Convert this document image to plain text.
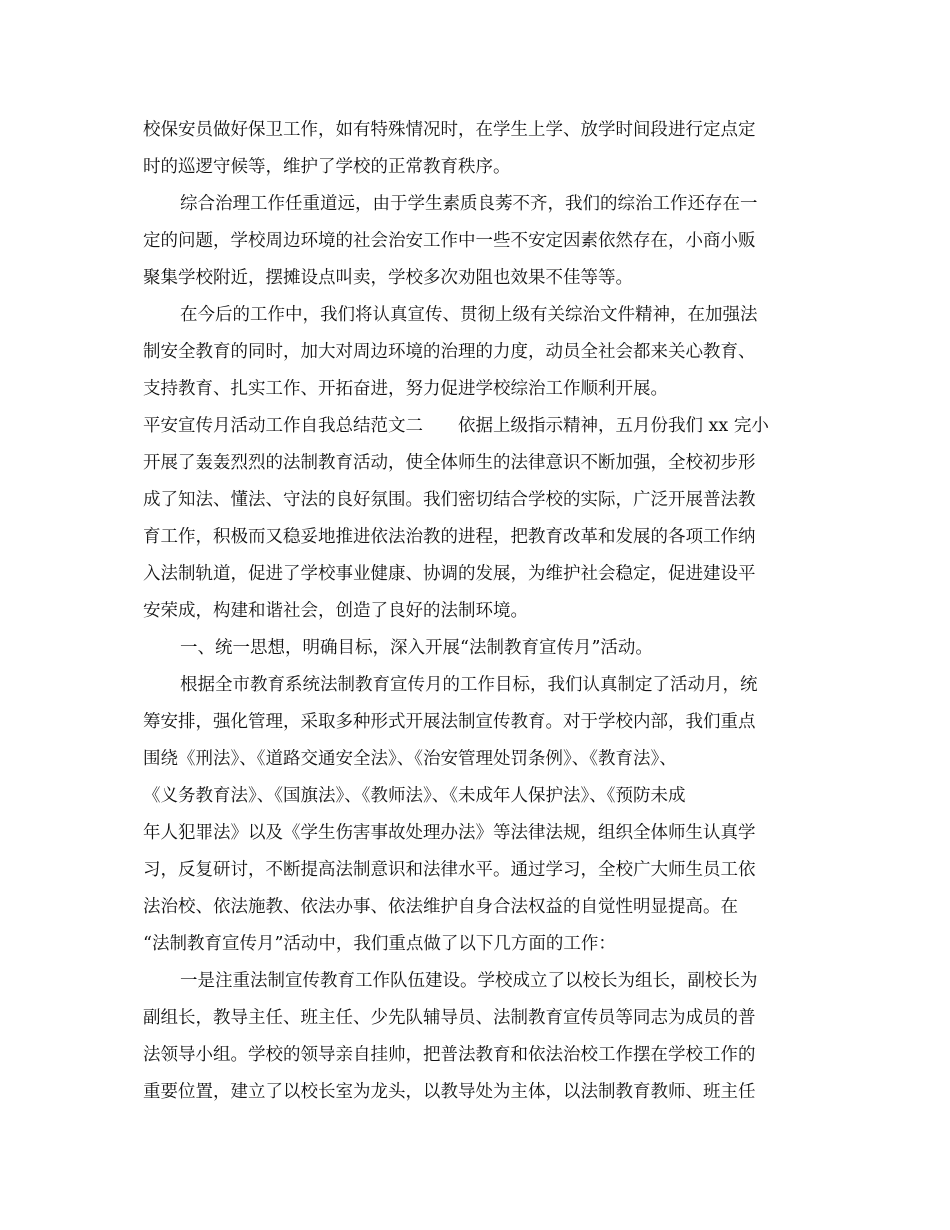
校保安员做好保卫工作，如有特殊情况时，在学生上学、放学时间段进行定点定
时的巡逻守候等，维护了学校的正常教育秩序。
综合治理工作任重道远，由于学生素质良莠不齐，我们的综治工作还存在一
定的问题，学校周边环境的社会治安工作中一些不安定因素依然存在，小商小贩
聚集学校附近，摆摊设点叫卖，学校多次劝阻也效果不佳等等。
在今后的工作中，我们将认真宣传、贯彻上级有关综治文件精神，在加强法
制安全教育的同时，加大对周边环境的治理的力度，动员全社会都来关心教育、
支持教育、扎实工作、开拓奋进，努力促进学校综治工作顺利开展。
平安宣传月活动工作自我总结范文二　　依据上级指示精神，五月份我们 xx 完小
开展了轰轰烈烈的法制教育活动，使全体师生的法律意识不断加强，全校初步形
成了知法、懂法、守法的良好氛围。我们密切结合学校的实际，广泛开展普法教
育工作，积极而又稳妥地推进依法治教的进程，把教育改革和发展的各项工作纳
入法制轨道，促进了学校事业健康、协调的发展，为维护社会稳定，促进建设平
安荣成，构建和谐社会，创造了良好的法制环境。
一、统一思想，明确目标，深入开展“法制教育宣传月”活动。
根据全市教育系统法制教育宣传月的工作目标，我们认真制定了活动月，统
筹安排，强化管理，采取多种形式开展法制宣传教育。对于学校内部，我们重点
围绕《刑法》、《道路交通安全法》、《治安管理处罚条例》、《教育法》、
《义务教育法》、《国旗法》、《教师法》、《未成年人保护法》、《预防未成
年人犯罪法》以及《学生伤害事故处理办法》等法律法规，组织全体师生认真学
习，反复研讨，不断提高法制意识和法律水平。通过学习，全校广大师生员工依
法治校、依法施教、依法办事、依法维护自身合法权益的自觉性明显提高。在
“法制教育宣传月”活动中，我们重点做了以下几方面的工作：
一是注重法制宣传教育工作队伍建设。学校成立了以校长为组长，副校长为
副组长，教导主任、班主任、少先队辅导员、法制教育宣传员等同志为成员的普
法领导小组。学校的领导亲自挂帅，把普法教育和依法治校工作摆在学校工作的
重要位置，建立了以校长室为龙头，以教导处为主体，以法制教育教师、班主任
